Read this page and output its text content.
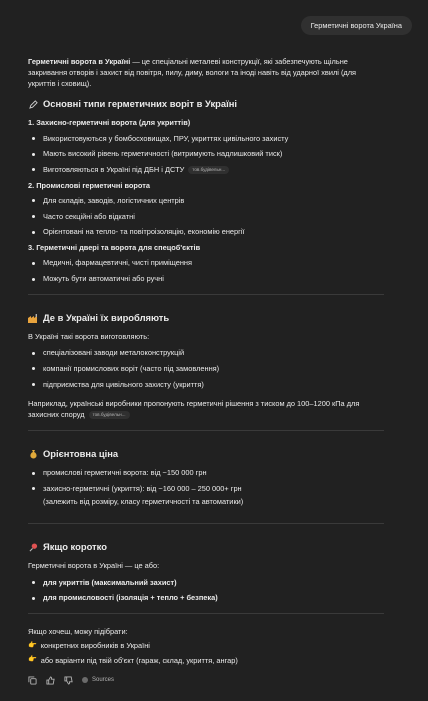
Герметичні ворота Україна

Герметичні ворота в Україні — це спеціальні металеві конструкції, які забезпечують щільне закривання отворів і захист від повітря, пилу, диму, вологи та іноді навіть від ударної хвилі (для укриттів і сховищ).

Основні типи герметичних воріт в Україні
1. Захисно-герметичні ворота (для укриттів)
Використовуються у бомбосховищах, ПРУ, укриттях цивільного захисту
Мають високий рівень герметичності (витримують надлишковий тиск)
Виготовляються в Україні під ДБН і ДСТУ тов.будівельн...
2. Промислові герметичні ворота
Для складів, заводів, логістичних центрів
Часто секційні або відкатні
Орієнтовані на тепло- та повітроізоляцію, економію енергії
3. Герметичні двері та ворота для спецоб'єктів
Медичні, фармацевтичні, чисті приміщення
Можуть бути автоматичні або ручні
Де в Україні їх виробляють

В Україні такі ворота виготовляють:

спеціалізовані заводи металоконструкцій
компанії промислових воріт (часто під замовлення)
підприємства для цивільного захисту (укриття)

Наприклад, українські виробники пропонують герметичні рішення з тиском до 100–1200 кПа для захисних споруд тов.будівельн...

Орієнтовна ціна
промислові герметичні ворота: від ~150 000 грн
захисно-герметичні (укриття): від ~160 000 – 250 000+ грн
(залежить від розміру, класу герметичності та автоматики)
Якщо коротко

Герметичні ворота в Україні — це або:

для укриттів (максимальний захист)
для промисловості (ізоляція + тепло + безпека)

Якщо хочеш, можу підібрати:

👉 конкретних виробників в Україні
👉 або варіанти під твій об'єкт (гараж, склад, укриття, ангар)
Sources
